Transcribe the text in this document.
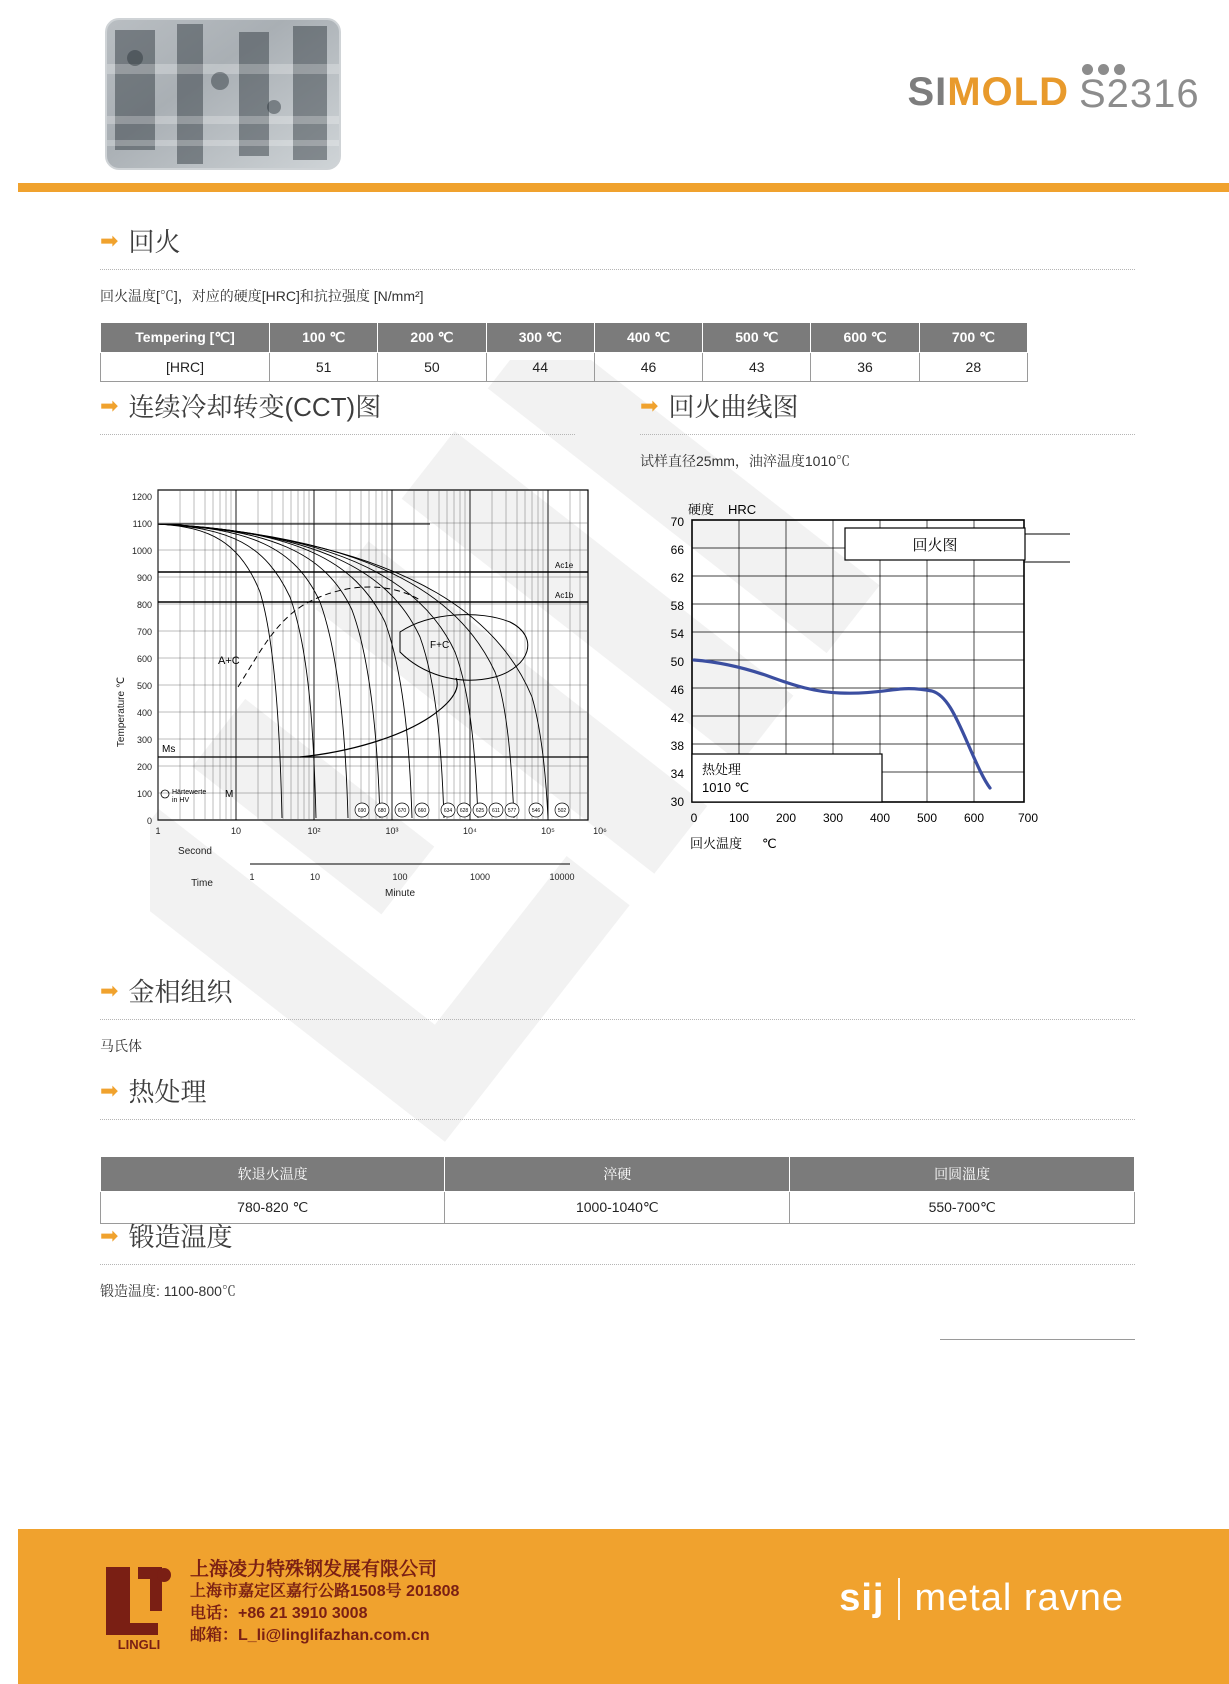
SIMOLD S2316
➡ 回火
回火温度[℃]，对应的硬度[HRC]和抗拉强度 [N/mm²]
Tempering [℃]	100 ℃	200 ℃	300 ℃	400 ℃	500 ℃	600 ℃	700 ℃
[HRC]	51	50	44	46	43	36	28
➡ 连续冷却转变(CCT)图	➡ 回火曲线图
试样直径25mm，油淬温度1010℃
1200
1100
1000
900
800
700
600
500
400
300
200
100
0
Temperature ℃
Ac1e
Ac1b
Ms
A+C
F+C
M
Härtewerte
in HV
690 680 670 660	634 628 625 611 577	546	502
1	10	10²	10³	10⁴	10⁵	10⁶
Second
1	10	100	1000	10000
Time
Minute
硬度 HRC
70
66
62
58
54
50
46
42
38
34
30
回火图
热处理
1010 ℃
0	100 200 300 400 500 600	700
回火温度 ℃
➡ 金相组织
马氏体
➡ 热处理
软退火温度	淬硬	回圆溫度
780-820 ℃	1000-1040℃	550-700℃
➡ 锻造温度
锻造温度: 1100-800℃
LINGLI
上海凌力特殊钢发展有限公司
上海市嘉定区嘉行公路1508号 201808
电话：+86 21 3910 3008
邮箱：L_li@linglifazhan.com.cn
sij metal ravne
